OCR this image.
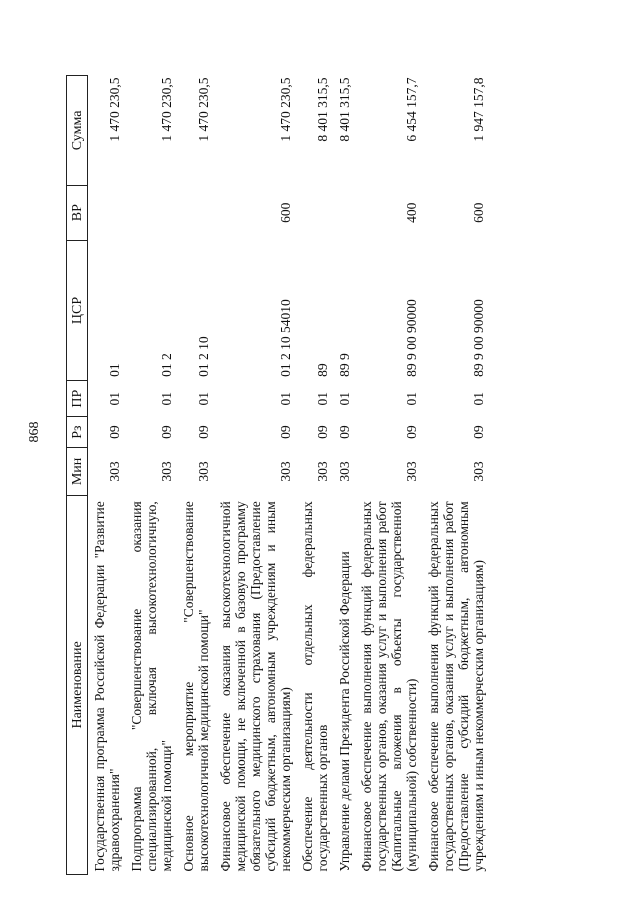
868
Наименование	Мин	Рз	ПР	ЦСР	ВР	Сумма
Государственная программа Российской Федерации "Развитие здравоохранения"	303	09	01	01		1 470 230,5
Подпрограмма "Совершенствование оказания специализированной, включая высокотехнологичную, медицинской помощи"	303	09	01	01 2		1 470 230,5
Основное мероприятие "Совершенствование высокотехнологичной медицинской помощи"	303	09	01	01 2 10		1 470 230,5
Финансовое обеспечение оказания высокотехнологичной медицинской помощи, не включенной в базовую программу обязательного медицинского страхования (Предоставление субсидий бюджетным, автономным учреждениям и иным некоммерческим организациям)	303	09	01	01 2 10 54010	600	1 470 230,5
Обеспечение деятельности отдельных федеральных государственных органов	303	09	01	89		8 401 315,5
Управление делами Президента Российской Федерации	303	09	01	89 9		8 401 315,5
Финансовое обеспечение выполнения функций федеральных государственных органов, оказания услуг и выполнения работ (Капитальные вложения в объекты государственной (муниципальной) собственности)	303	09	01	89 9 00 90000	400	6 454 157,7
Финансовое обеспечение выполнения функций федеральных государственных органов, оказания услуг и выполнения работ (Предоставление субсидий бюджетным, автономным учреждениям и иным некоммерческим организациям)	303	09	01	89 9 00 90000	600	1 947 157,8
